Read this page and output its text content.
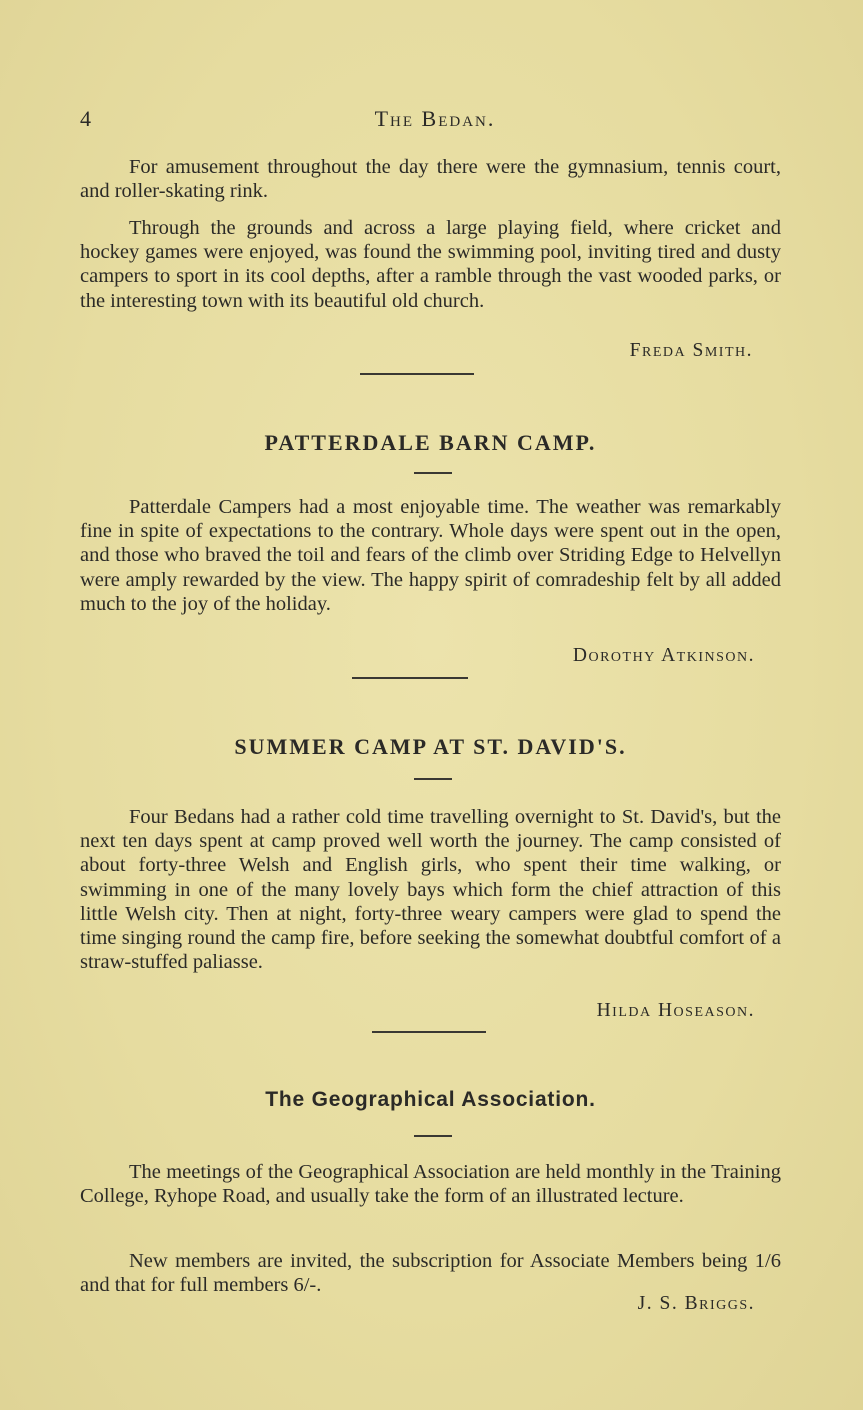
4	The Bedan.

For amusement throughout the day there were the gymnasium, tennis court, and roller-skating rink.

Through the grounds and across a large playing field, where cricket and hockey games were enjoyed, was found the swimming pool, inviting tired and dusty campers to sport in its cool depths, after a ramble through the vast wooded parks, or the interesting town with its beautiful old church.

Freda Smith.
PATTERDALE BARN CAMP.

Patterdale Campers had a most enjoyable time. The weather was remarkably fine in spite of expectations to the contrary. Whole days were spent out in the open, and those who braved the toil and fears of the climb over Striding Edge to Helvellyn were amply rewarded by the view. The happy spirit of comradeship felt by all added much to the joy of the holiday.

Dorothy Atkinson.
SUMMER CAMP AT ST. DAVID'S.

Four Bedans had a rather cold time travelling overnight to St. David's, but the next ten days spent at camp proved well worth the journey. The camp consisted of about forty-three Welsh and English girls, who spent their time walking, or swimming in one of the many lovely bays which form the chief attraction of this little Welsh city. Then at night, forty-three weary campers were glad to spend the time singing round the camp fire, before seeking the somewhat doubtful comfort of a straw-stuffed paliasse.

Hilda Hoseason.
The Geographical Association.

The meetings of the Geographical Association are held monthly in the Training College, Ryhope Road, and usually take the form of an illustrated lecture.

New members are invited, the subscription for Associate Members being 1/6 and that for full members 6/-.

J. S. Briggs.
